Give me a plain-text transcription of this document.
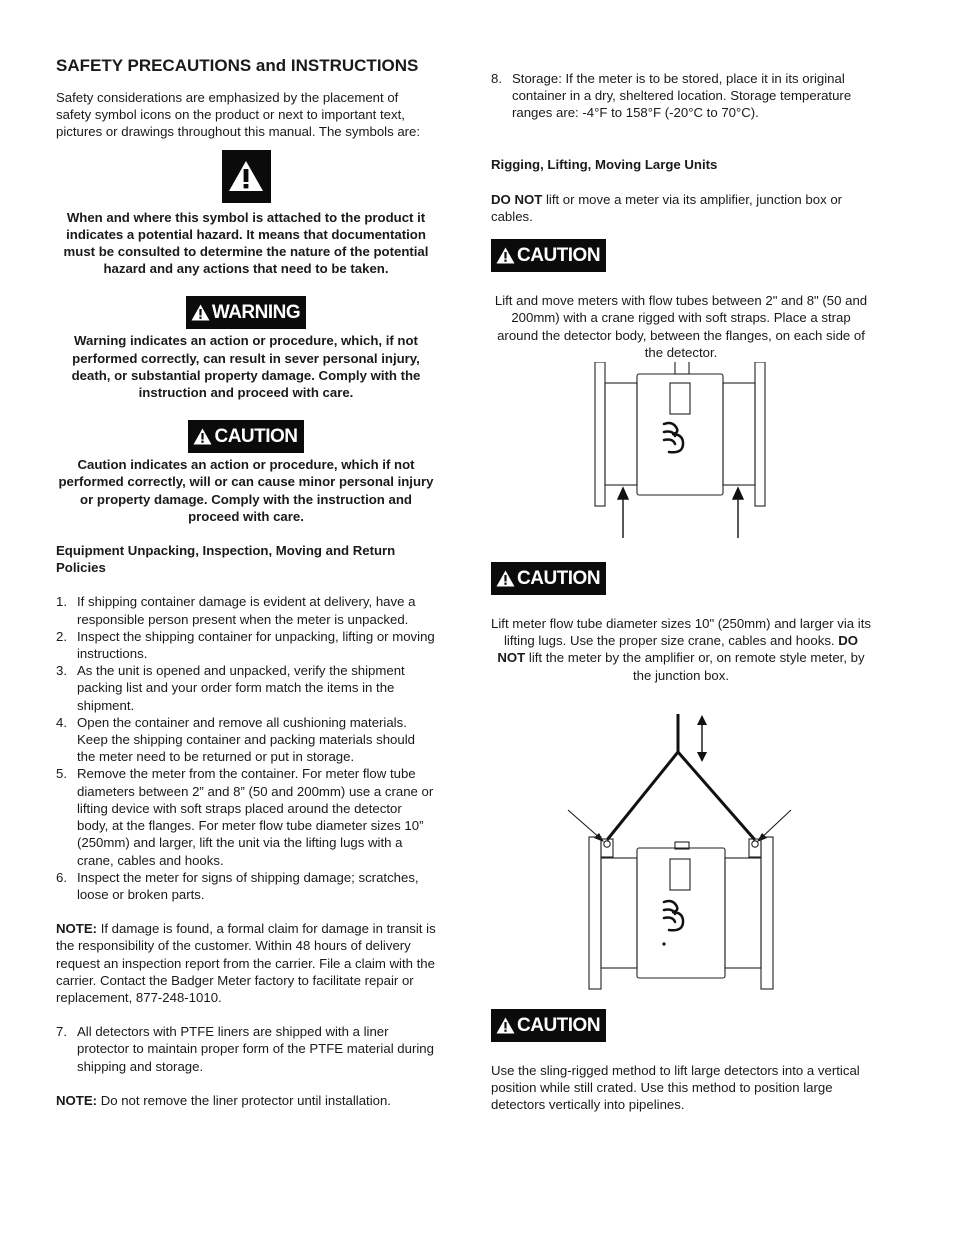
SAFETY PRECAUTIONS and INSTRUCTIONS

Safety considerations are emphasized by the placement of safety symbol icons on the product or next to important text, pictures or drawings throughout this manual. The symbols are:

When and where this symbol is attached to the product it indicates a potential hazard. It means that documentation must be consulted to determine the nature of the potential hazard and any actions that need to be taken.
WARNING
Warning indicates an action or procedure, which, if not performed correctly, can result in sever personal injury, death, or substantial property damage. Comply with the instruction and proceed with care.
CAUTION
Caution indicates an action or procedure, which if not performed correctly, will or can cause minor personal injury or property damage. Comply with the instruction and proceed with care.
Equipment Unpacking, Inspection, Moving and Return Policies
1. If shipping container damage is evident at delivery, have a responsible person present when the meter is unpacked.
2. Inspect the shipping container for unpacking, lifting or moving instructions.
3. As the unit is opened and unpacked, verify the shipment packing list and your order form match the items in the shipment.
4. Open the container and remove all cushioning materials. Keep the shipping container and packing materials should the meter need to be returned or put in storage.
5. Remove the meter from the container. For meter flow tube diameters between 2” and 8” (50 and 200mm) use a crane or lifting device with soft straps placed around the detector body, at the flanges. For meter flow tube diameter sizes 10” (250mm) and larger, lift the unit via the lifting lugs with a crane, cables and hooks.
6. Inspect the meter for signs of shipping damage; scratches, loose or broken parts.

NOTE: If damage is found, a formal claim for damage in transit is the responsibility of the customer. Within 48 hours of delivery request an inspection report from the carrier. File a claim with the carrier. Contact the Badger Meter factory to facilitate repair or replacement, 877-248-1010.

7. All detectors with PTFE liners are shipped with a liner protector to maintain proper form of the PTFE material during shipping and storage.

NOTE: Do not remove the liner protector until installation.

8. Storage: If the meter is to be stored, place it in its original container in a dry, sheltered location. Storage temperature ranges are: -4°F to 158°F (-20°C to 70°C).
Rigging, Lifting, Moving Large Units

DO NOT lift or move a meter via its amplifier, junction box or cables.

CAUTION
Lift and move meters with flow tubes between 2" and 8" (50 and 200mm) with a crane rigged with soft straps. Place a strap around the detector body, between the flanges, on each side of the detector.
CAUTION
Lift meter flow tube diameter sizes 10" (250mm) and larger via its lifting lugs. Use the proper size crane, cables and hooks. DO NOT lift the meter by the amplifier or, on remote style meter, by the junction box.
CAUTION

Use the sling-rigged method to lift large detectors into a vertical position while still crated. Use this method to position large detectors vertically into pipelines.
